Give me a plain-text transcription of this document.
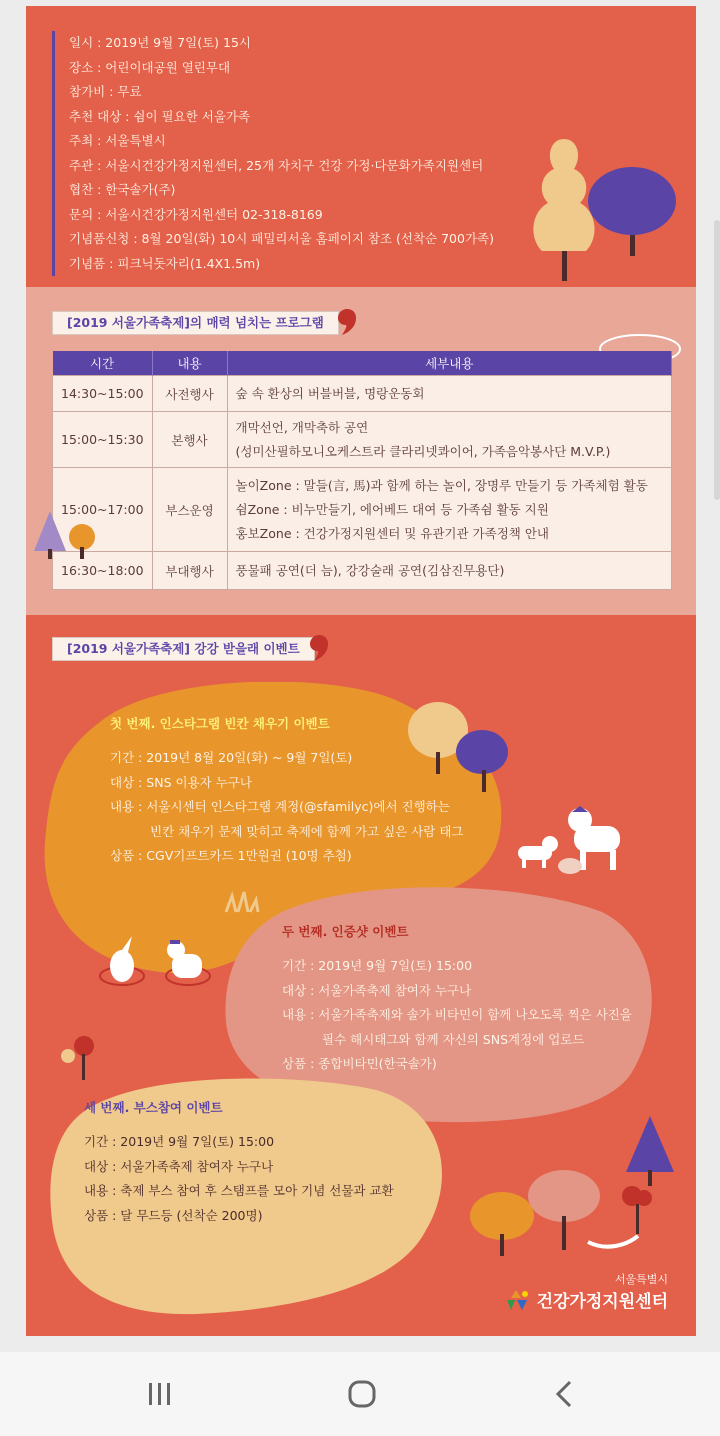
일시 : 2019년 9월 7일(토) 15시
장소 : 어린이대공원 열린무대
참가비 : 무료
추천 대상 : 쉼이 필요한 서울가족
주최 : 서울특별시
주관 : 서울시건강가정지원센터, 25개 자치구 건강 가정·다문화가족지원센터
협찬 : 한국솔가(주)
문의 : 서울시건강가정지원센터 02-318-8169
기념품신청 : 8월 20일(화) 10시 패밀리서울 홈페이지 참조 (선착순 700가족)
기념품 : 피크닉돗자리(1.4X1.5m)
[2019 서울가족축제]의 매력 넘치는 프로그램
시간	내용	세부내용
14:30~15:00	사전행사	숲 속 환상의 버블버블, 명랑운동회

15:00~15:30	본행사	개막선언, 개막축하 공연
(성미산필하모니오케스트라 클라리넷콰이어, 가족음악봉사단 M.V.P.)

15:00~17:00	부스운영	놀이Zone : 말들(言, 馬)과 함께 하는 놀이, 장명루 만들기 등 가족체험 활동
쉼Zone : 비누만들기, 에어베드 대여 등 가족쉼 활동 지원
홍보Zone : 건강가정지원센터 및 유관기관 가족정책 안내

16:30~18:00	부대행사	풍물패 공연(더 늠), 강강술래 공연(김삼진무용단)
[2019 서울가족축제] 강강 받을래 이벤트
첫 번째. 인스타그램 빈칸 채우기 이벤트
기간 : 2019년 8월 20일(화) ~ 9월 7일(토)
대상 : SNS 이용자 누구나
내용 : 서울시센터 인스타그램 계정(@sfamilyc)에서 진행하는
빈칸 채우기 문제 맞히고 축제에 함께 가고 싶은 사람 태그
상품 : CGV기프트카드 1만원권 (10명 추첨)
두 번째. 인증샷 이벤트
기간 : 2019년 9월 7일(토) 15:00
대상 : 서울가족축제 참여자 누구나
내용 : 서울가족축제와 솔가 비타민이 함께 나오도록 찍은 사진을
필수 해시태그와 함께 자신의 SNS계정에 업로드
상품 : 종합비타민(한국솔가)
세 번째. 부스참여 이벤트
기간 : 2019년 9월 7일(토) 15:00
대상 : 서울가족축제 참여자 누구나
내용 : 축제 부스 참여 후 스탬프를 모아 기념 선물과 교환
상품 : 달 무드등 (선착순 200명)
서울특별시
건강가정지원센터
